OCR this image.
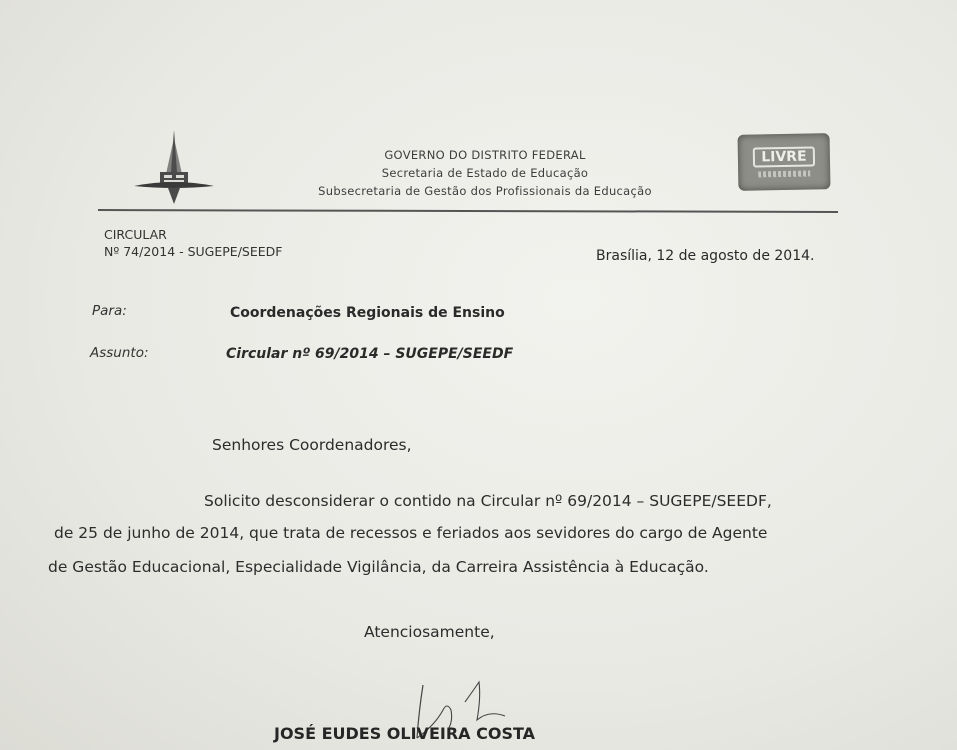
GOVERNO DO DISTRITO FEDERAL
Secretaria de Estado de Educação
Subsecretaria de Gestão dos Profissionais da Educação
LIVRE
CIRCULAR
Nº 74/2014 - SUGEPE/SEEDF	Brasília, 12 de agosto de 2014.
Para:	Coordenações Regionais de Ensino
Assunto:	Circular nº 69/2014 – SUGEPE/SEEDF
Senhores Coordenadores,
Solicito desconsiderar o contido na Circular nº 69/2014 – SUGEPE/SEEDF,
de 25 de junho de 2014, que trata de recessos e feriados aos sevidores do cargo de Agente
de Gestão Educacional, Especialidade Vigilância, da Carreira Assistência à Educação.
Atenciosamente,
JOSÉ EUDES OLIVEIRA COSTA
